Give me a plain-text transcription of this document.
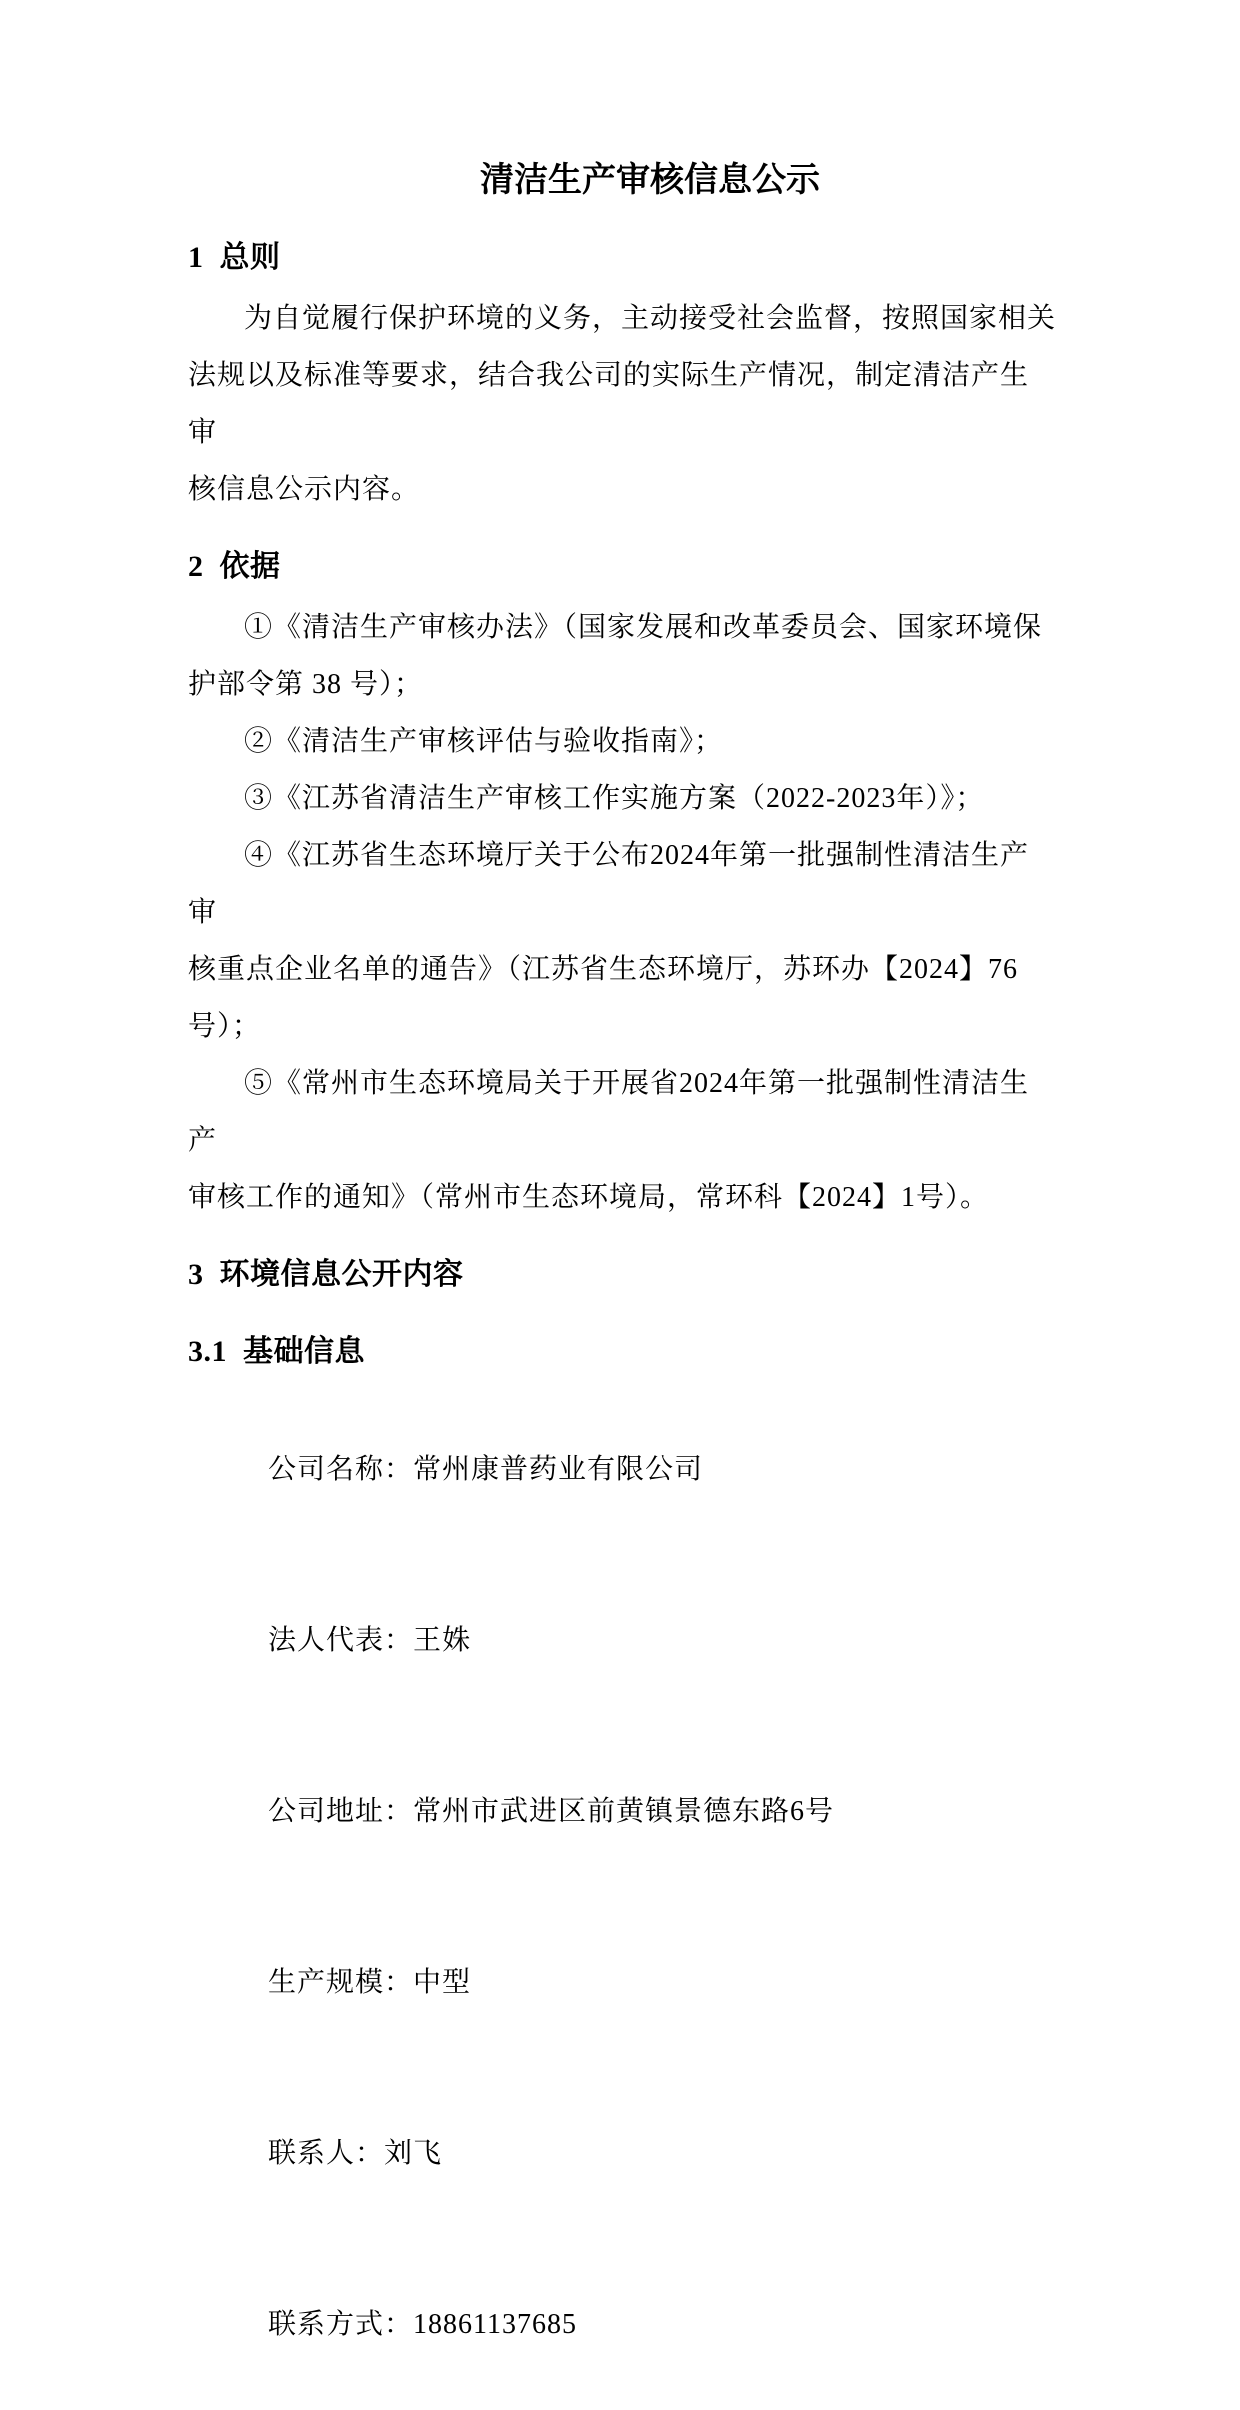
清洁生产审核信息公示
1  总则
为自觉履行保护环境的义务，主动接受社会监督，按照国家相关
法规以及标准等要求，结合我公司的实际生产情况，制定清洁产生审
核信息公示内容。
2  依据
①《清洁生产审核办法》（国家发展和改革委员会、国家环境保
护部令第 38 号）；
②《清洁生产审核评估与验收指南》；
③《江苏省清洁生产审核工作实施方案（2022-2023年）》；
④《江苏省生态环境厅关于公布2024年第一批强制性清洁生产审
核重点企业名单的通告》（江苏省生态环境厅，苏环办【2024】76
号）；
⑤《常州市生态环境局关于开展省2024年第一批强制性清洁生产
审核工作的通知》（常州市生态环境局，常环科【2024】1号）。
3  环境信息公开内容
3.1  基础信息

公司名称：常州康普药业有限公司

法人代表：王姝

公司地址：常州市武进区前黄镇景德东路6号

生产规模：中型

联系人：刘飞

联系方式：18861137685
